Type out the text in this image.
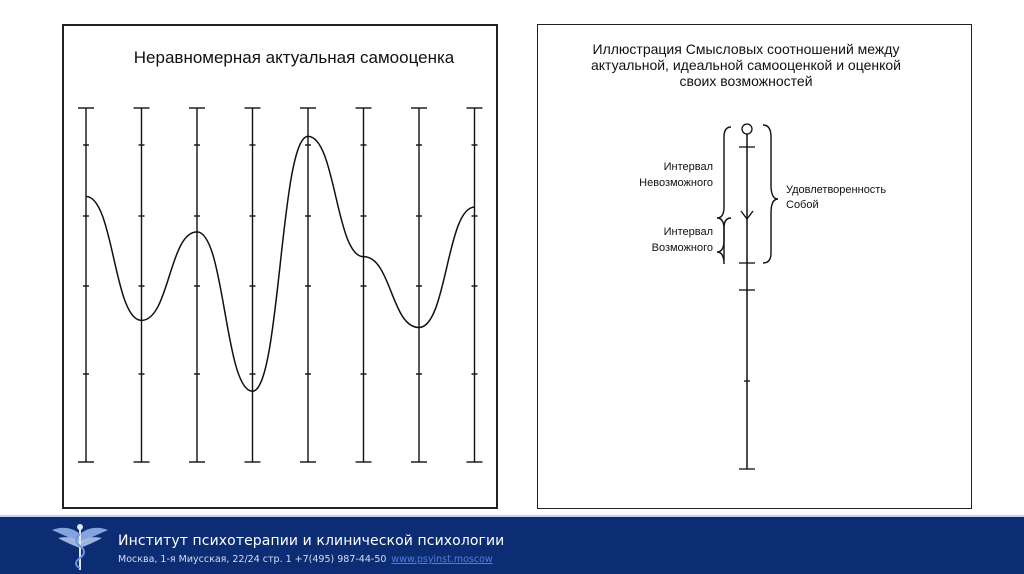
Неравномерная актуальная самооценка	Иллюстрация Смысловых соотношений между
актуальной, идеальной самооценкой и оценкой
своих возможностей
Интервал
Невозможного
Интервал
Возможного
Удовлетворенность
Собой
Институт психотерапии и клинической психологии
Москва, 1-я Миусская, 22/24 стр. 1 +7(495) 987-44-50 www.psyinst.moscow
